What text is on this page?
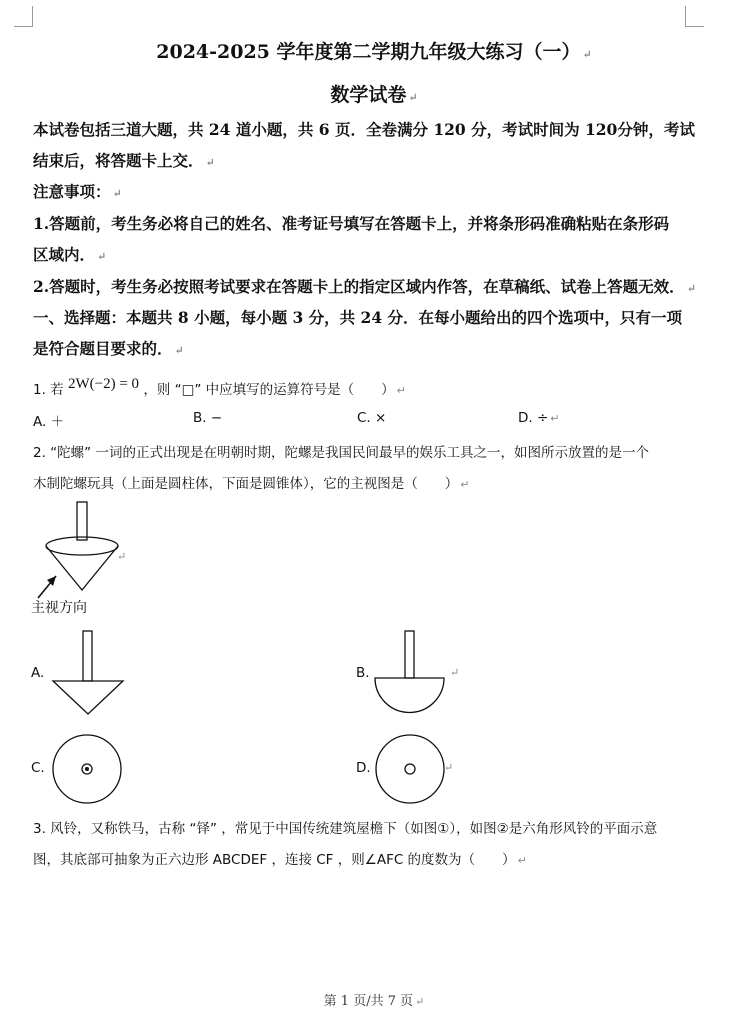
2024-2025 学年度第二学期九年级大练习（一） ↵
数学试卷 ↵
本试卷包括三道大题，共 24 道小题，共 6 页．全卷满分 120 分，考试时间为 120分钟，考试
结束后，将答题卡上交． ↵
注意事项： ↵
1.答题前，考生务必将自己的姓名、准考证号填写在答题卡上，并将条形码准确粘贴在条形码
区域内． ↵
2.答题时，考生务必按照考试要求在答题卡上的指定区域内作答，在草稿纸、试卷上答题无效． ↵
一、选择题：本题共 8 小题，每小题 3 分，共 24 分．在每小题给出的四个选项中，只有一项
是符合题目要求的． ↵
1. 若 2W(−2) = 0 ，则 “□” 中应填写的运算符号是（　　） ↵
A. ＋	B. −	C. ×	D. ÷ ↵
2. “陀螺” 一词的正式出现是在明朝时期，陀螺是我国民间最早的娱乐工具之一，如图所示放置的是一个
木制陀螺玩具（上面是圆柱体，下面是圆锥体），它的主视图是（　　） ↵
↵
主视方向
A.	B.	↵
C.	D.	↵
3. 风铃，又称铁马，古称 “铎” ，常见于中国传统建筑屋檐下（如图①），如图②是六角形风铃的平面示意
图，其底部可抽象为正六边形 ABCDEF ，连接 CF ，则∠AFC 的度数为（　　） ↵
第 1 页/共 7 页 ↵
